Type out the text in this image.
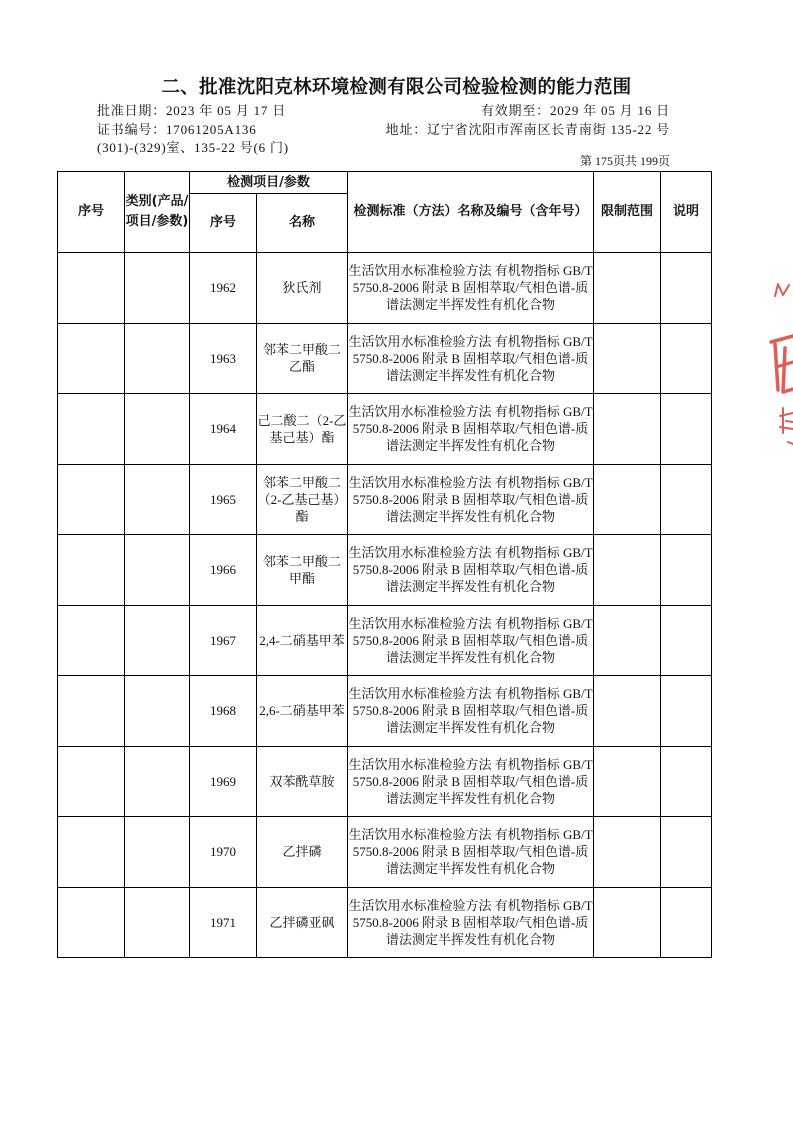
二、批准沈阳克林环境检测有限公司检验检测的能力范围
批准日期：2023 年 05 月 17 日	有效期至：2029 年 05 月 16 日
证书编号：17061205A136	地址：辽宁省沈阳市浑南区长青南街 135-22 号
(301)-(329)室、135-22 号(6 门)
第 175页共 199页
序号	类别(产品/项目/参数)	检测项目/参数		检测标准（方法）名称及编号（含年号）	限制范围	说明
		序号	名称			
		1962	狄氏剂	生活饮用水标准检验方法 有机物指标 GB/T 5750.8-2006 附录 B 固相萃取/气相色谱-质谱法测定半挥发性有机化合物		
		1963	邻苯二甲酸二乙酯	生活饮用水标准检验方法 有机物指标 GB/T 5750.8-2006 附录 B 固相萃取/气相色谱-质谱法测定半挥发性有机化合物		
		1964	己二酸二（2-乙基己基）酯	生活饮用水标准检验方法 有机物指标 GB/T 5750.8-2006 附录 B 固相萃取/气相色谱-质谱法测定半挥发性有机化合物		
		1965	邻苯二甲酸二（2-乙基己基）酯	生活饮用水标准检验方法 有机物指标 GB/T 5750.8-2006 附录 B 固相萃取/气相色谱-质谱法测定半挥发性有机化合物		
		1966	邻苯二甲酸二甲酯	生活饮用水标准检验方法 有机物指标 GB/T 5750.8-2006 附录 B 固相萃取/气相色谱-质谱法测定半挥发性有机化合物		
		1967	2,4-二硝基甲苯	生活饮用水标准检验方法 有机物指标 GB/T 5750.8-2006 附录 B 固相萃取/气相色谱-质谱法测定半挥发性有机化合物		
		1968	2,6-二硝基甲苯	生活饮用水标准检验方法 有机物指标 GB/T 5750.8-2006 附录 B 固相萃取/气相色谱-质谱法测定半挥发性有机化合物		
		1969	双苯酰草胺	生活饮用水标准检验方法 有机物指标 GB/T 5750.8-2006 附录 B 固相萃取/气相色谱-质谱法测定半挥发性有机化合物		
		1970	乙拌磷	生活饮用水标准检验方法 有机物指标 GB/T 5750.8-2006 附录 B 固相萃取/气相色谱-质谱法测定半挥发性有机化合物		
		1971	乙拌磷亚砜	生活饮用水标准检验方法 有机物指标 GB/T 5750.8-2006 附录 B 固相萃取/气相色谱-质谱法测定半挥发性有机化合物		
